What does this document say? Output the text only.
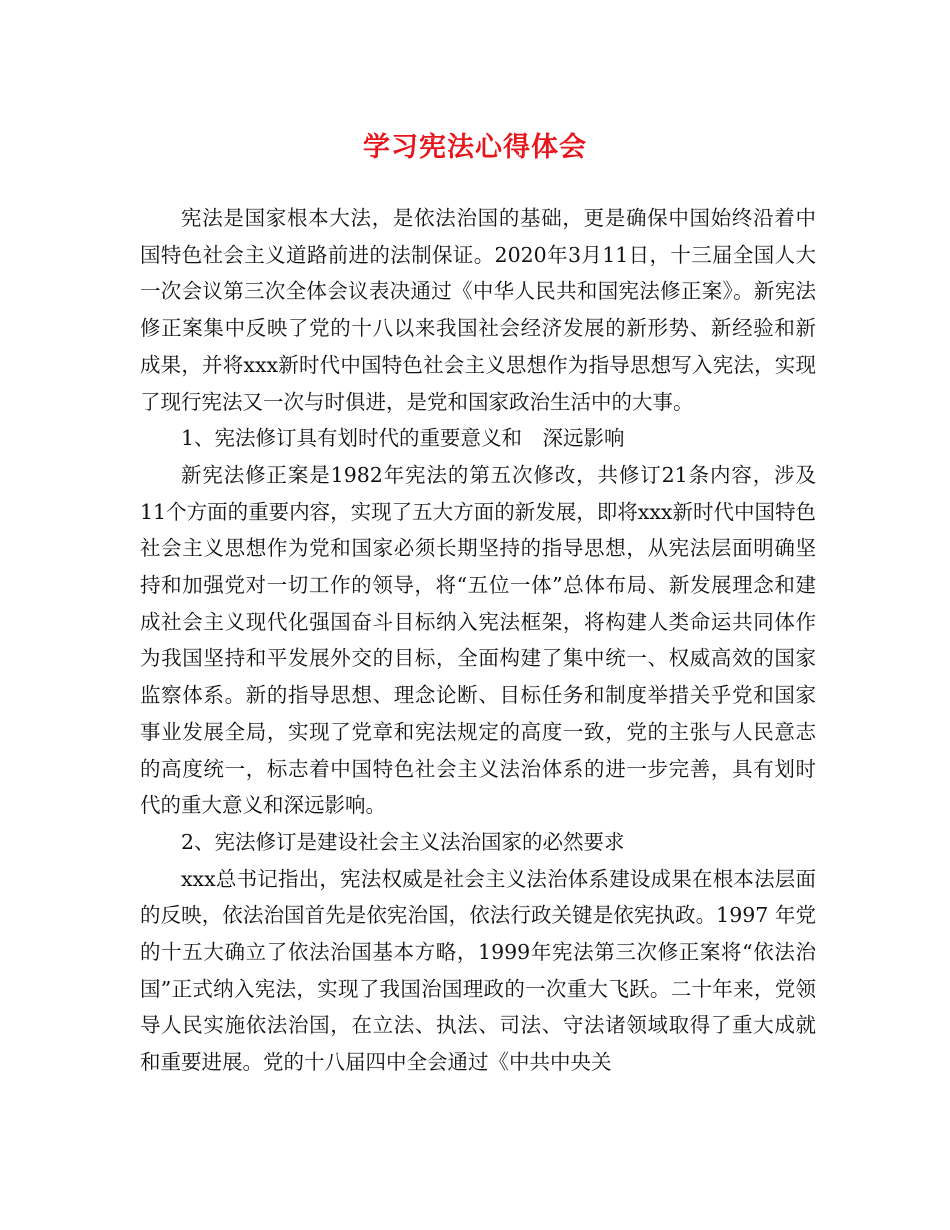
学习宪法心得体会

宪法是国家根本大法，是依法治国的基础，更是确保中国始终沿着中国特色社会主义道路前进的法制保证。2020年3月11日，十三届全国人大一次会议第三次全体会议表决通过《中华人民共和国宪法修正案》。新宪法修正案集中反映了党的十八以来我国社会经济发展的新形势、新经验和新成果，并将xxx新时代中国特色社会主义思想作为指导思想写入宪法，实现了现行宪法又一次与时俱进，是党和国家政治生活中的大事。

1、宪法修订具有划时代的重要意义和　深远影响

新宪法修正案是1982年宪法的第五次修改，共修订21条内容，涉及11个方面的重要内容，实现了五大方面的新发展，即将xxx新时代中国特色社会主义思想作为党和国家必须长期坚持的指导思想，从宪法层面明确坚持和加强党对一切工作的领导，将“五位一体”总体布局、新发展理念和建成社会主义现代化强国奋斗目标纳入宪法框架，将构建人类命运共同体作为我国坚持和平发展外交的目标，全面构建了集中统一、权威高效的国家监察体系。新的指导思想、理念论断、目标任务和制度举措关乎党和国家事业发展全局，实现了党章和宪法规定的高度一致，党的主张与人民意志的高度统一，标志着中国特色社会主义法治体系的进一步完善，具有划时代的重大意义和深远影响。

2、宪法修订是建设社会主义法治国家的必然要求

xxx总书记指出，宪法权威是社会主义法治体系建设成果在根本法层面的反映，依法治国首先是依宪治国，依法行政关键是依宪执政。1997 年党的十五大确立了依法治国基本方略，1999年宪法第三次修正案将“依法治国”正式纳入宪法，实现了我国治国理政的一次重大飞跃。二十年来，党领导人民实施依法治国，在立法、执法、司法、守法诸领域取得了重大成就和重要进展。党的十八届四中全会通过《中共中央关
